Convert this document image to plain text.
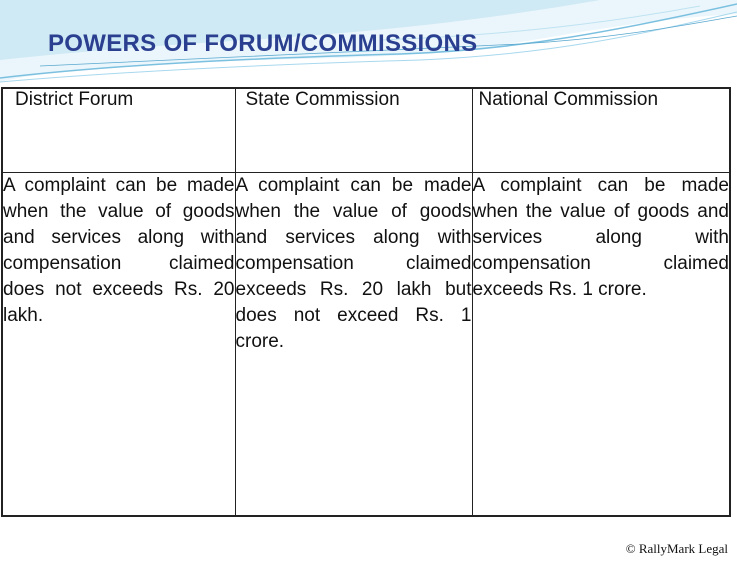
POWERS OF FORUM/COMMISSIONS
District Forum	State Commission	National Commission

A complaint can be made when the value of goods and services along with compensation claimed does not exceeds Rs. 20 lakh.	A complaint can be made when the value of goods and services along with compensation claimed exceeds Rs. 20 lakh but does not exceed Rs. 1 crore.	A complaint can be made when the value of goods and services along with compensation claimed exceeds Rs. 1 crore.
© RallyMark Legal
